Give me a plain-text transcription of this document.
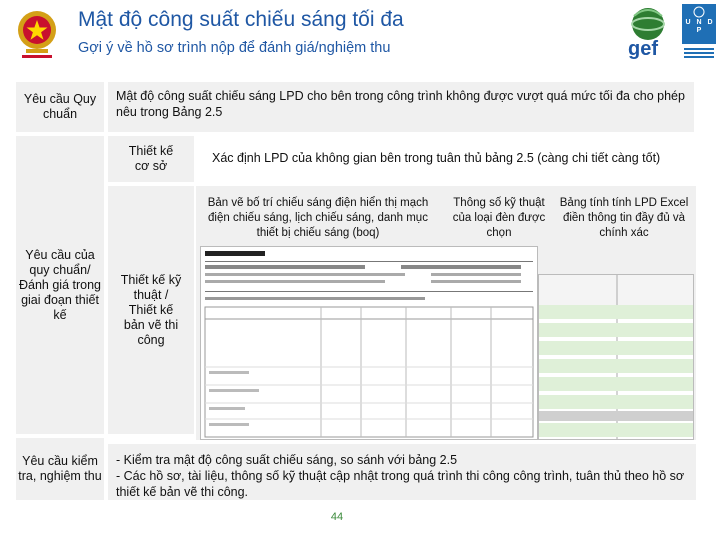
Mật độ công suất chiếu sáng tối đa
Gợi ý về hồ sơ trình nộp để đánh giá/nghiệm thu	gef
U N D P
Yêu cầu Quy chuẩn
Mật độ công suất chiếu sáng LPD cho bên trong công trình không được vượt quá mức tối đa cho phép nêu trong Bảng 2.5
Yêu cầu của quy chuẩn/ Đánh giá trong giai đoạn thiết kế
Thiết kế cơ sở
Xác định LPD của không gian bên trong tuân thủ bảng 2.5 (càng chi tiết càng tốt)
Thiết kế kỹ thuật / Thiết kế bản vẽ thi công
Bản vẽ bố trí chiếu sáng điện hiển thị mạch điện chiếu sáng, lịch chiếu sáng, danh mục thiết bị chiếu sáng (boq)
Thông số kỹ thuật của loại đèn được chọn
Bảng tính tính LPD Excel điền thông tin đầy đủ và chính xác
Yêu cầu kiểm tra, nghiệm thu
- Kiểm tra mật độ công suất chiếu sáng, so sánh với bảng 2.5
- Các hồ sơ, tài liệu, thông số kỹ thuật cập nhật trong quá trình thi công công trình, tuân thủ theo hồ sơ thiết kế bản vẽ thi công.
44
